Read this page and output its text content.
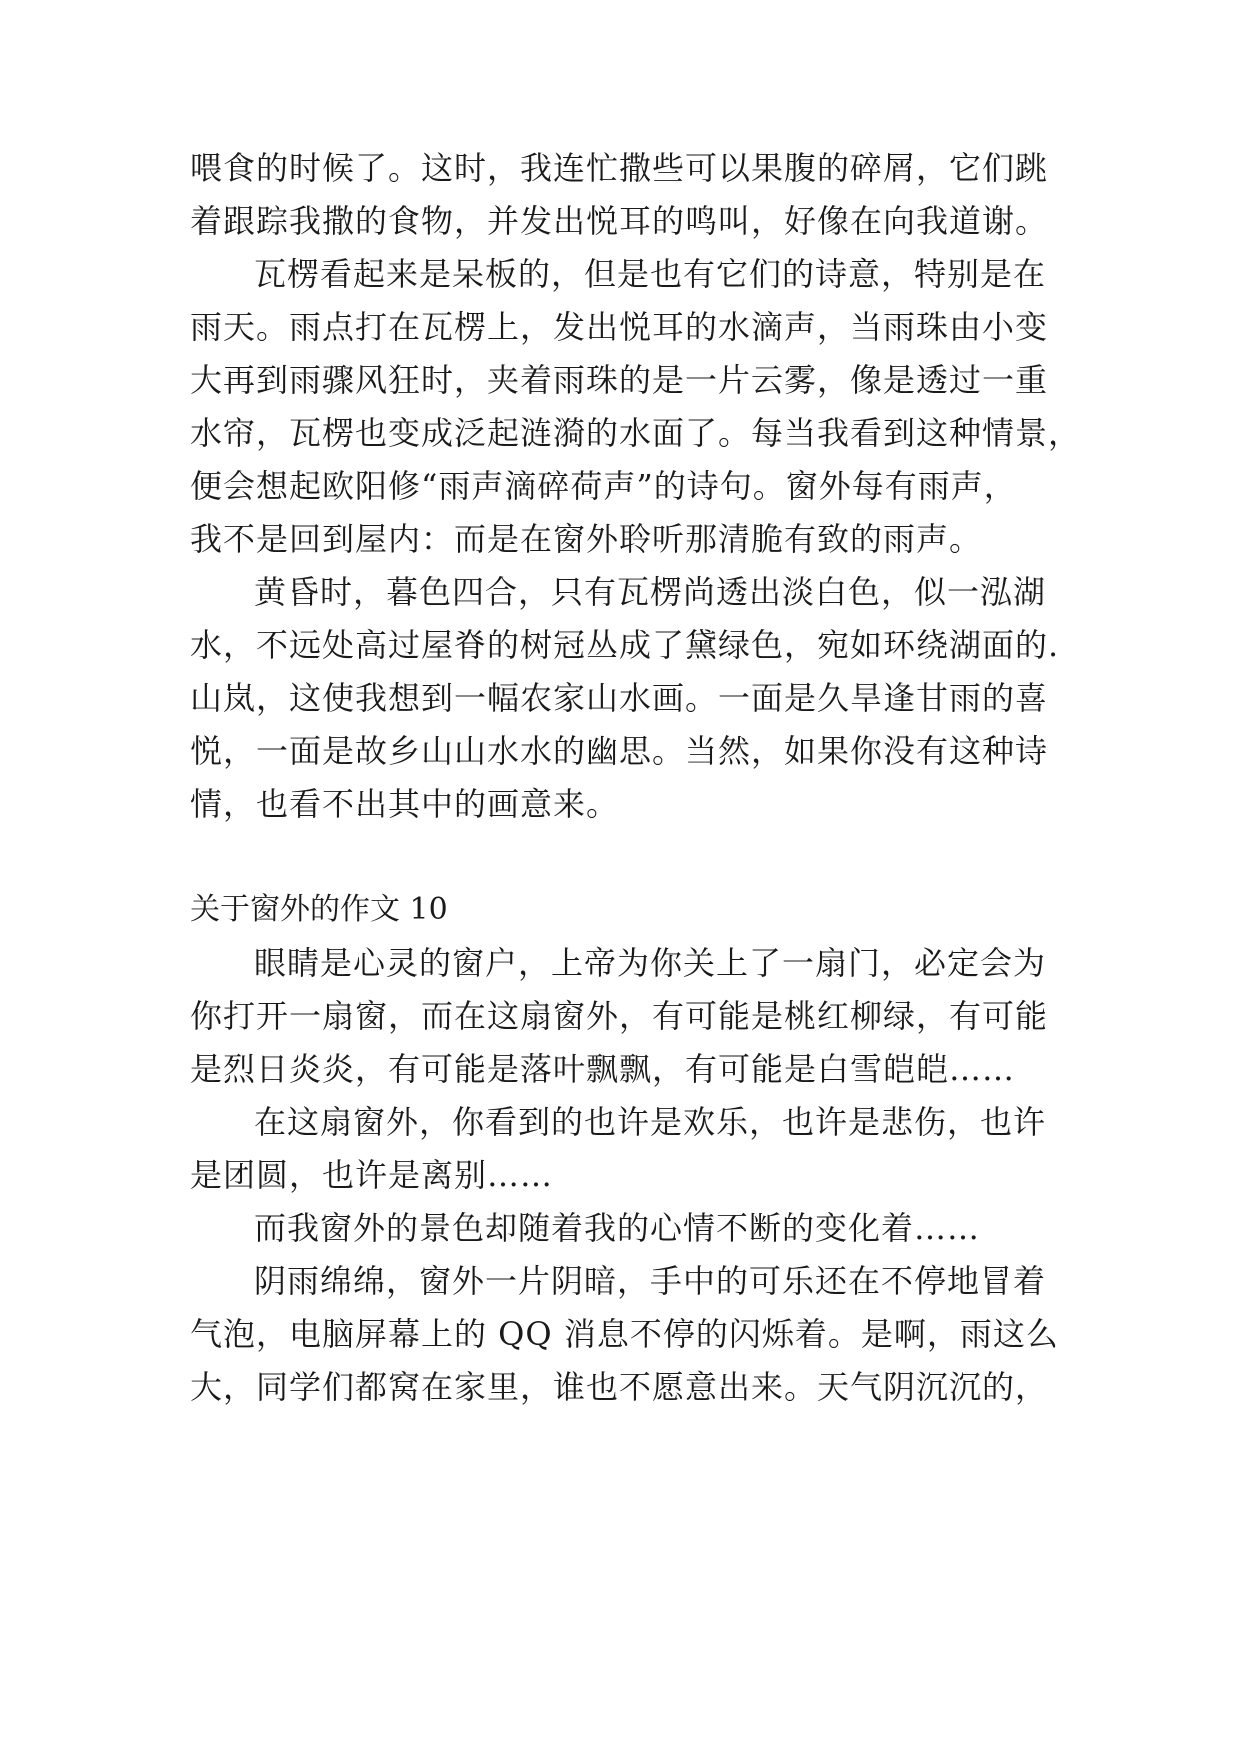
喂食的时候了。这时，我连忙撒些可以果腹的碎屑，它们跳
着跟踪我撒的食物，并发出悦耳的鸣叫，好像在向我道谢。
瓦楞看起来是呆板的，但是也有它们的诗意，特别是在
雨天。雨点打在瓦楞上，发出悦耳的水滴声，当雨珠由小变
大再到雨骤风狂时，夹着雨珠的是一片云雾，像是透过一重
水帘，瓦楞也变成泛起涟漪的水面了。每当我看到这种情景，
便会想起欧阳修“雨声滴碎荷声”的诗句。窗外每有雨声，
我不是回到屋内：而是在窗外聆听那清脆有致的雨声。
黄昏时，暮色四合，只有瓦楞尚透出淡白色，似一泓湖
水，不远处高过屋脊的树冠丛成了黛绿色，宛如环绕湖面的.
山岚，这使我想到一幅农家山水画。一面是久旱逢甘雨的喜
悦，一面是故乡山山水水的幽思。当然，如果你没有这种诗
情，也看不出其中的画意来。
关于窗外的作文 10
眼睛是心灵的窗户，上帝为你关上了一扇门，必定会为
你打开一扇窗，而在这扇窗外，有可能是桃红柳绿，有可能
是烈日炎炎，有可能是落叶飘飘，有可能是白雪皑皑……
在这扇窗外，你看到的也许是欢乐，也许是悲伤，也许
是团圆，也许是离别……
而我窗外的景色却随着我的心情不断的变化着……
阴雨绵绵，窗外一片阴暗，手中的可乐还在不停地冒着
气泡，电脑屏幕上的 QQ 消息不停的闪烁着。是啊，雨这么
大，同学们都窝在家里，谁也不愿意出来。天气阴沉沉的，
